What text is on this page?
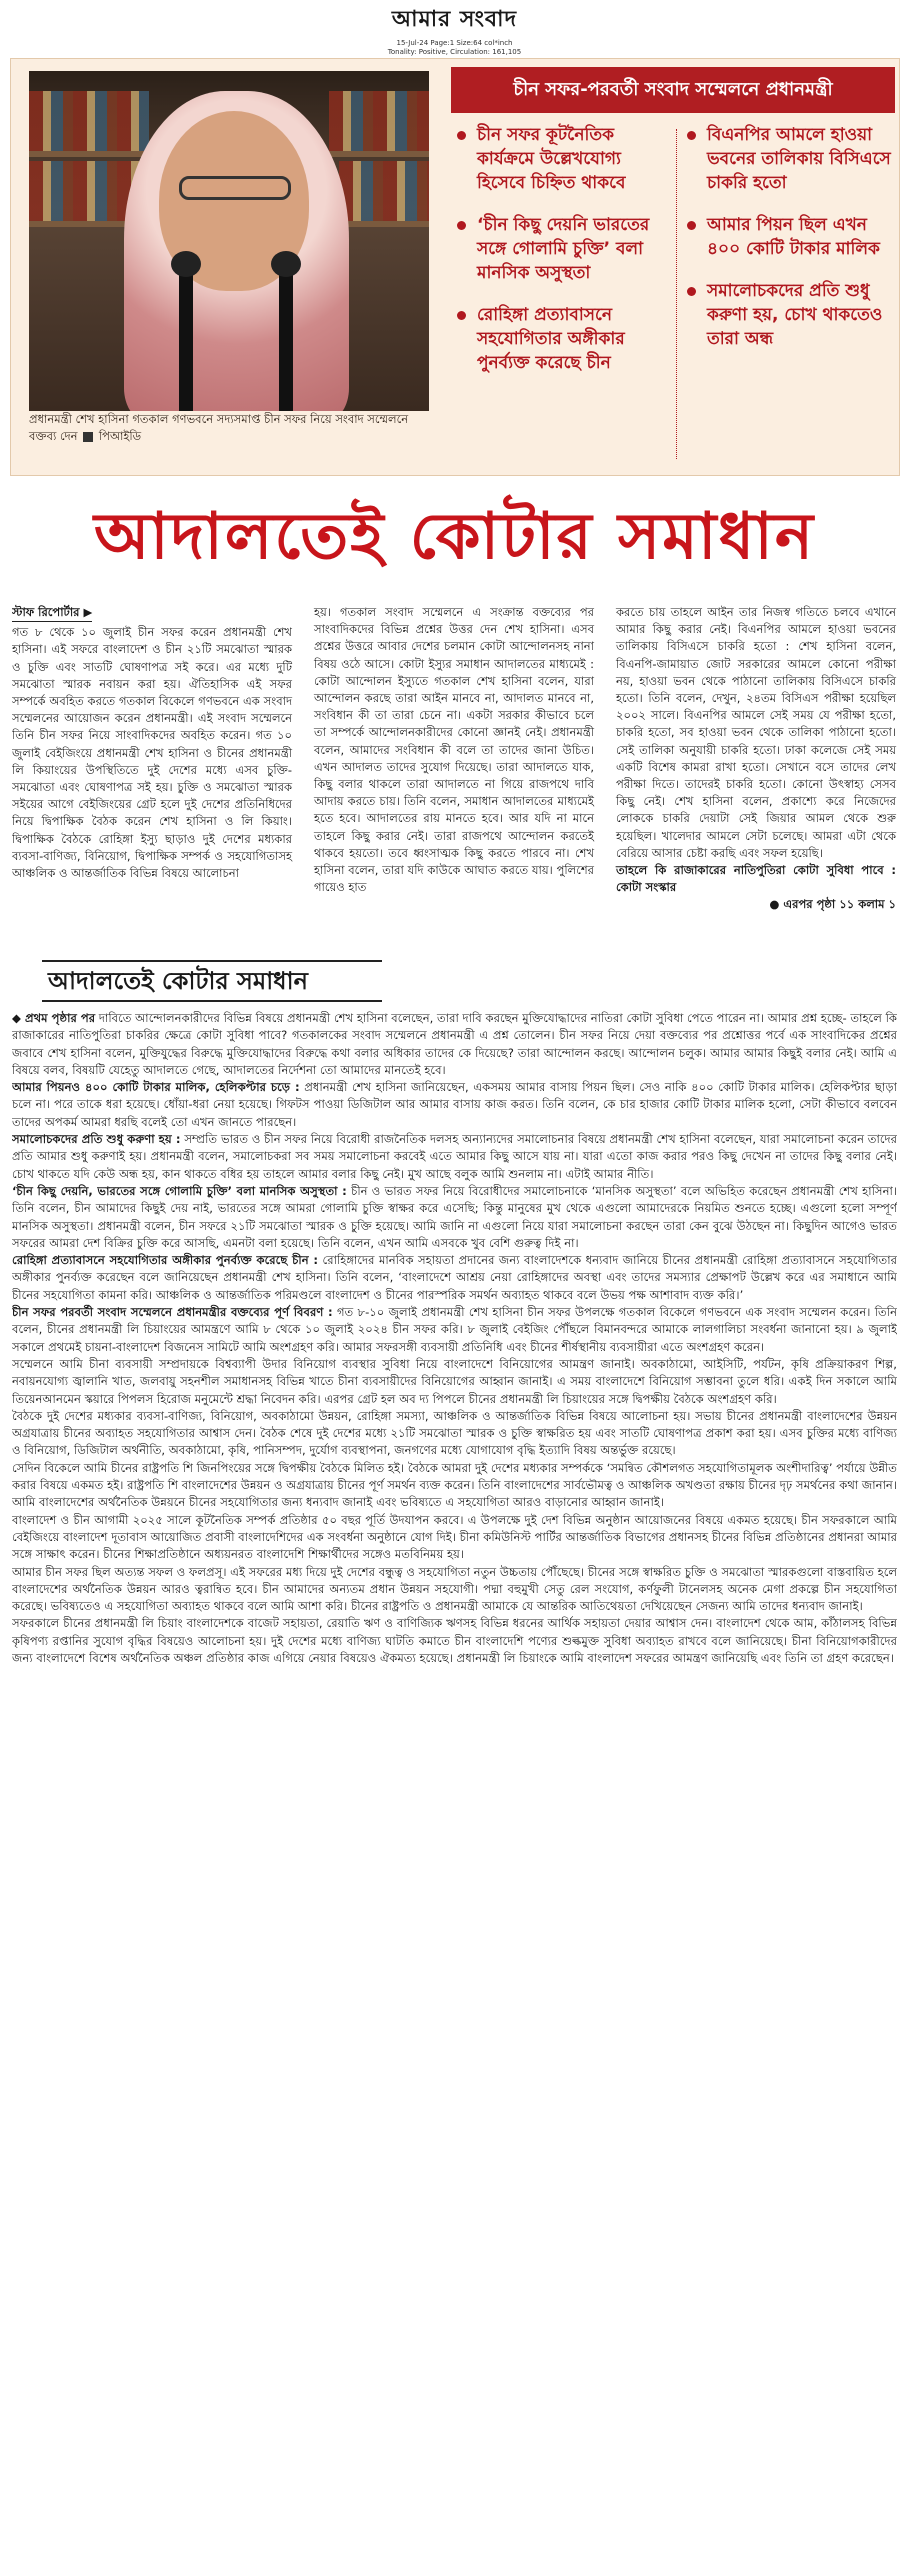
আমার সংবাদ
15-Jul-24 Page:1 Size:64 col*inch
Tonality: Positive, Circulation: 161,105
প্রধানমন্ত্রী শেখ হাসিনা গতকাল গণভবনে সদ্যসমাপ্ত চীন সফর নিয়ে সংবাদ সম্মেলনে বক্তব্য দেন পিআইডি
চীন সফর-পরবর্তী সংবাদ সম্মেলনে প্রধানমন্ত্রী
চীন সফর কূটনৈতিক কার্যক্রমে উল্লেখযোগ্য হিসেবে চিহ্নিত থাকবে
‘চীন কিছু দেয়নি ভারতের সঙ্গে গোলামি চুক্তি’ বলা মানসিক অসুস্থতা
রোহিঙ্গা প্রত্যাবাসনে সহযোগিতার অঙ্গীকার পুনর্ব্যক্ত করেছে চীন
বিএনপির আমলে হাওয়া ভবনের তালিকায় বিসিএসে চাকরি হতো
আমার পিয়ন ছিল এখন ৪০০ কোটি টাকার মালিক
সমালোচকদের প্রতি শুধু করুণা হয়, চোখ থাকতেও তারা অন্ধ
আদালতেই কোটার সমাধান
স্টাফ রিপোর্টার ▶
গত ৮ থেকে ১০ জুলাই চীন সফর করেন প্রধানমন্ত্রী শেখ হাসিনা। এই সফরে বাংলাদেশ ও চীন ২১টি সমঝোতা স্মারক ও চুক্তি এবং সাতটি ঘোষণাপত্র সই করে। এর মধ্যে দুটি সমঝোতা স্মারক নবায়ন করা হয়। ঐতিহাসিক এই সফর সম্পর্কে অবহিত করতে গতকাল বিকেলে গণভবনে এক সংবাদ সম্মেলনের আয়োজন করেন প্রধানমন্ত্রী। এই সংবাদ সম্মেলনে তিনি চীন সফর নিয়ে সাংবাদিকদের অবহিত করেন। গত ১০ জুলাই বেইজিংয়ে প্রধানমন্ত্রী শেখ হাসিনা ও চীনের প্রধানমন্ত্রী লি কিয়াংয়ের উপস্থিতিতে দুই দেশের মধ্যে এসব চুক্তি-সমঝোতা এবং ঘোষণাপত্র সই হয়। চুক্তি ও সমঝোতা স্মারক সইয়ের আগে বেইজিংয়ের গ্রেট হলে দুই দেশের প্রতিনিধিদের নিয়ে দ্বিপাক্ষিক বৈঠক করেন শেখ হাসিনা ও লি কিয়াং। দ্বিপাক্ষিক বৈঠকে রোহিঙ্গা ইস্যু ছাড়াও দুই দেশের মধ্যকার ব্যবসা-বাণিজ্য, বিনিয়োগ, দ্বিপাক্ষিক সম্পর্ক ও সহযোগিতাসহ আঞ্চলিক ও আন্তর্জাতিক বিভিন্ন বিষয়ে আলোচনা
হয়। গতকাল সংবাদ সম্মেলনে এ সংক্রান্ত বক্তব্যের পর সাংবাদিকদের বিভিন্ন প্রশ্নের উত্তর দেন শেখ হাসিনা। এসব প্রশ্নের উত্তরে আবার দেশের চলমান কোটা আন্দোলনসহ নানা বিষয় ওঠে আসে। কোটা ইস্যুর সমাধান আদালতের মাধ্যমেই : কোটা আন্দোলন ইস্যুতে গতকাল শেখ হাসিনা বলেন, যারা আন্দোলন করছে তারা আইন মানবে না, আদালত মানবে না, সংবিধান কী তা তারা চেনে না। একটা সরকার কীভাবে চলে তা সম্পর্কে আন্দোলনকারীদের কোনো জ্ঞানই নেই। প্রধানমন্ত্রী বলেন, আমাদের সংবিধান কী বলে তা তাদের জানা উচিত। এখন আদালত তাদের সুযোগ দিয়েছে। তারা আদালতে যাক, কিছু বলার থাকলে তারা আদালতে না গিয়ে রাজপথে দাবি আদায় করতে চায়। তিনি বলেন, সমাধান আদালতের মাধ্যমেই হতে হবে। আদালতের রায় মানতে হবে। আর যদি না মানে তাহলে কিছু করার নেই। তারা রাজপথে আন্দোলন করতেই থাকবে হয়তো। তবে ধ্বংসাত্মক কিছু করতে পারবে না। শেখ হাসিনা বলেন, তারা যদি কাউকে আঘাত করতে যায়। পুলিশের গায়েও হাত
করতে চায় তাহলে আইন তার নিজস্ব গতিতে চলবে এখানে আমার কিছু করার নেই। বিএনপির আমলে হাওয়া ভবনের তালিকায় বিসিএসে চাকরি হতো : শেখ হাসিনা বলেন, বিএনপি-জামায়াত জোট সরকারের আমলে কোনো পরীক্ষা নয়, হাওয়া ভবন থেকে পাঠানো তালিকায় বিসিএসে চাকরি হতো। তিনি বলেন, দেখুন, ২৪তম বিসিএস পরীক্ষা হয়েছিল ২০০২ সালে। বিএনপির আমলে সেই সময় যে পরীক্ষা হতো, চাকরি হতো, সব হাওয়া ভবন থেকে তালিকা পাঠানো হতো। সেই তালিকা অনুযায়ী চাকরি হতো। ঢাকা কলেজে সেই সময় একটি বিশেষ কামরা রাখা হতো। সেখানে বসে তাদের লেখ পরীক্ষা দিতে। তাদেরই চাকরি হতো। কোনো উৎস্বাহ্য সেসব কিছু নেই। শেখ হাসিনা বলেন, প্রকাশ্যে করে নিজেদের লোককে চাকরি দেয়াটা সেই জিয়ার আমল থেকে শুরু হয়েছিল। খালেদার আমলে সেটা চলেছে। আমরা এটা থেকে বেরিয়ে আসার চেষ্টা করছি এবং সফল হয়েছি।
তাহলে কি রাজাকারের নাতিপুতিরা কোটা সুবিধা পাবে : কোটা সংস্কার
● এরপর পৃষ্ঠা ১১ কলাম ১
আদালতেই কোটার সমাধান

◆ প্রথম পৃষ্ঠার পর দাবিতে আন্দোলনকারীদের বিভিন্ন বিষয়ে প্রধানমন্ত্রী শেখ হাসিনা বলেছেন, তারা দাবি করছেন মুক্তিযোদ্ধাদের নাতিরা কোটা সুবিধা পেতে পারেন না। আমার প্রশ্ন হচ্ছে- তাহলে কি রাজাকারের নাতিপুতিরা চাকরির ক্ষেত্রে কোটা সুবিধা পাবে? গতকালকের সংবাদ সম্মেলনে প্রধানমন্ত্রী এ প্রশ্ন তোলেন। চীন সফর নিয়ে দেয়া বক্তব্যের পর প্রশ্নোত্তর পর্বে এক সাংবাদিকের প্রশ্নের জবাবে শেখ হাসিনা বলেন, মুক্তিযুদ্ধের বিরুদ্ধে মুক্তিযোদ্ধাদের বিরুদ্ধে কথা বলার অধিকার তাদের কে দিয়েছে? তারা আন্দোলন করছে। আন্দোলন চলুক। আমার আমার কিছুই বলার নেই। আমি এ বিষয়ে বলব, বিষয়টি যেহেতু আদালতে গেছে, আদালতের নির্দেশনা তো আমাদের মানতেই হবে।

আমার পিয়নও ৪০০ কোটি টাকার মালিক, হেলিকপ্টার চড়ে : প্রধানমন্ত্রী শেখ হাসিনা জানিয়েছেন, একসময় আমার বাসায় পিয়ন ছিল। সেও নাকি ৪০০ কোটি টাকার মালিক। হেলিকপ্টার ছাড়া চলে না। পরে তাকে ধরা হয়েছে। ধোঁয়া-ধরা নেয়া হয়েছে। গিফটস পাওয়া ডিজিটাল আর আমার বাসায় কাজ করত। তিনি বলেন, কে চার হাজার কোটি টাকার মালিক হলো, সেটা কীভাবে বলবেন তাদের অপকর্ম আমরা ধরছি বলেই তো এখন জানতে পারছেন।

সমালোচকদের প্রতি শুধু করুণা হয় : সম্প্রতি ভারত ও চীন সফর নিয়ে বিরোধী রাজনৈতিক দলসহ অন্যান্যদের সমালোচনার বিষয়ে প্রধানমন্ত্রী শেখ হাসিনা বলেছেন, যারা সমালোচনা করেন তাদের প্রতি আমার শুধু করুণাই হয়। প্রধানমন্ত্রী বলেন, সমালোচকরা সব সময় সমালোচনা করবেই এতে আমার কিছু আসে যায় না। যারা এতো কাজ করার পরও কিছু দেখেন না তাদের কিছু বলার নেই। চোখ থাকতে যদি কেউ অন্ধ হয়, কান থাকতে বধির হয় তাহলে আমার বলার কিছু নেই। মুখ আছে বলুক আমি শুনলাম না। এটাই আমার নীতি।

‘চীন কিছু দেয়নি, ভারতের সঙ্গে গোলামি চুক্তি’ বলা মানসিক অসুস্থতা : চীন ও ভারত সফর নিয়ে বিরোধীদের সমালোচনাকে ‘মানসিক অসুস্থতা’ বলে অভিহিত করেছেন প্রধানমন্ত্রী শেখ হাসিনা। তিনি বলেন, চীন আমাদের কিছুই দেয় নাই, ভারতের সঙ্গে আমরা গোলামি চুক্তি স্বাক্ষর করে এসেছি; কিন্তু মানুষের মুখ থেকে এগুলো আমাদেরকে নিয়মিত শুনতে হচ্ছে। এগুলো হলো সম্পূর্ণ মানসিক অসুস্থতা। প্রধানমন্ত্রী বলেন, চীন সফরে ২১টি সমঝোতা স্মারক ও চুক্তি হয়েছে। আমি জানি না এগুলো নিয়ে যারা সমালোচনা করছেন তারা কেন বুঝে উঠছেন না। কিছুদিন আগেও ভারত সফরের আমরা দেশ বিক্রির চুক্তি করে আসছি, এমনটা বলা হয়েছে। তিনি বলেন, এখন আমি এসবকে খুব বেশি গুরুত্ব দিই না।

রোহিঙ্গা প্রত্যাবাসনে সহযোগিতার অঙ্গীকার পুনর্ব্যক্ত করেছে চীন : রোহিঙ্গাদের মানবিক সহায়তা প্রদানের জন্য বাংলাদেশকে ধন্যবাদ জানিয়ে চীনের প্রধানমন্ত্রী রোহিঙ্গা প্রত্যাবাসনে সহযোগিতার অঙ্গীকার পুনর্ব্যক্ত করেছেন বলে জানিয়েছেন প্রধানমন্ত্রী শেখ হাসিনা। তিনি বলেন, ‘বাংলাদেশে আশ্রয় নেয়া রোহিঙ্গাদের অবস্থা এবং তাদের সমস্যার প্রেক্ষাপট উল্লেখ করে এর সমাধানে আমি চীনের সহযোগিতা কামনা করি। আঞ্চলিক ও আন্তর্জাতিক পরিমণ্ডলে বাংলাদেশ ও চীনের পারস্পরিক সমর্থন অব্যাহত থাকবে বলে উভয় পক্ষ আশাবাদ ব্যক্ত করি।’

চীন সফর পরবর্তী সংবাদ সম্মেলনে প্রধানমন্ত্রীর বক্তব্যের পূর্ণ বিবরণ : গত ৮-১০ জুলাই প্রধানমন্ত্রী শেখ হাসিনা চীন সফর উপলক্ষে গতকাল বিকেলে গণভবনে এক সংবাদ সম্মেলন করেন। তিনি বলেন, চীনের প্রধানমন্ত্রী লি চিয়াংয়ের আমন্ত্রণে আমি ৮ থেকে ১০ জুলাই ২০২৪ চীন সফর করি। ৮ জুলাই বেইজিং পৌঁছলে বিমানবন্দরে আমাকে লালগালিচা সংবর্ধনা জানানো হয়। ৯ জুলাই সকালে প্রথমেই চায়না-বাংলাদেশ বিজনেস সামিটে আমি অংশগ্রহণ করি। আমার সফরসঙ্গী ব্যবসায়ী প্রতিনিধি এবং চীনের শীর্ষস্থানীয় ব্যবসায়ীরা এতে অংশগ্রহণ করেন।

সম্মেলনে আমি চীনা ব্যবসায়ী সম্প্রদায়কে বিশ্বব্যাপী উদার বিনিয়োগ ব্যবস্থার সুবিধা নিয়ে বাংলাদেশে বিনিয়োগের আমন্ত্রণ জানাই। অবকাঠামো, আইসিটি, পর্যটন, কৃষি প্রক্রিয়াকরণ শিল্প, নবায়নযোগ্য জ্বালানি খাত, জলবায়ু সহনশীল সমাধানসহ বিভিন্ন খাতে চীনা ব্যবসায়ীদের বিনিয়োগের আহ্বান জানাই। এ সময় বাংলাদেশে বিনিয়োগ সম্ভাবনা তুলে ধরি। একই দিন সকালে আমি তিয়েনআনমেন স্কয়ারে পিপলস হিরোজ মনুমেন্টে শ্রদ্ধা নিবেদন করি। এরপর গ্রেট হল অব দ্য পিপলে চীনের প্রধানমন্ত্রী লি চিয়াংয়ের সঙ্গে দ্বিপক্ষীয় বৈঠকে অংশগ্রহণ করি।

বৈঠকে দুই দেশের মধ্যকার ব্যবসা-বাণিজ্য, বিনিয়োগ, অবকাঠামো উন্নয়ন, রোহিঙ্গা সমস্যা, আঞ্চলিক ও আন্তর্জাতিক বিভিন্ন বিষয়ে আলোচনা হয়। সভায় চীনের প্রধানমন্ত্রী বাংলাদেশের উন্নয়ন অগ্রযাত্রায় চীনের অব্যাহত সহযোগিতার আশ্বাস দেন। বৈঠক শেষে দুই দেশের মধ্যে ২১টি সমঝোতা স্মারক ও চুক্তি স্বাক্ষরিত হয় এবং সাতটি ঘোষণাপত্র প্রকাশ করা হয়। এসব চুক্তির মধ্যে বাণিজ্য ও বিনিয়োগ, ডিজিটাল অর্থনীতি, অবকাঠামো, কৃষি, পানিসম্পদ, দুর্যোগ ব্যবস্থাপনা, জনগণের মধ্যে যোগাযোগ বৃদ্ধি ইত্যাদি বিষয় অন্তর্ভুক্ত রয়েছে।

সেদিন বিকেলে আমি চীনের রাষ্ট্রপতি শি জিনপিংয়ের সঙ্গে দ্বিপক্ষীয় বৈঠকে মিলিত হই। বৈঠকে আমরা দুই দেশের মধ্যকার সম্পর্ককে ‘সমন্বিত কৌশলগত সহযোগিতামূলক অংশীদারিত্ব’ পর্যায়ে উন্নীত করার বিষয়ে একমত হই। রাষ্ট্রপতি শি বাংলাদেশের উন্নয়ন ও অগ্রযাত্রায় চীনের পূর্ণ সমর্থন ব্যক্ত করেন। তিনি বাংলাদেশের সার্বভৌমত্ব ও আঞ্চলিক অখণ্ডতা রক্ষায় চীনের দৃঢ় সমর্থনের কথা জানান। আমি বাংলাদেশের অর্থনৈতিক উন্নয়নে চীনের সহযোগিতার জন্য ধন্যবাদ জানাই এবং ভবিষ্যতে এ সহযোগিতা আরও বাড়ানোর আহ্বান জানাই।

বাংলাদেশ ও চীন আগামী ২০২৫ সালে কূটনৈতিক সম্পর্ক প্রতিষ্ঠার ৫০ বছর পূর্তি উদযাপন করবে। এ উপলক্ষে দুই দেশ বিভিন্ন অনুষ্ঠান আয়োজনের বিষয়ে একমত হয়েছে। চীন সফরকালে আমি বেইজিংয়ে বাংলাদেশ দূতাবাস আয়োজিত প্রবাসী বাংলাদেশিদের এক সংবর্ধনা অনুষ্ঠানে যোগ দিই। চীনা কমিউনিস্ট পার্টির আন্তর্জাতিক বিভাগের প্রধানসহ চীনের বিভিন্ন প্রতিষ্ঠানের প্রধানরা আমার সঙ্গে সাক্ষাৎ করেন। চীনের শিক্ষাপ্রতিষ্ঠানে অধ্যয়নরত বাংলাদেশি শিক্ষার্থীদের সঙ্গেও মতবিনিময় হয়।

আমার চীন সফর ছিল অত্যন্ত সফল ও ফলপ্রসূ। এই সফরের মধ্য দিয়ে দুই দেশের বন্ধুত্ব ও সহযোগিতা নতুন উচ্চতায় পৌঁছেছে। চীনের সঙ্গে স্বাক্ষরিত চুক্তি ও সমঝোতা স্মারকগুলো বাস্তবায়িত হলে বাংলাদেশের অর্থনৈতিক উন্নয়ন আরও ত্বরান্বিত হবে। চীন আমাদের অন্যতম প্রধান উন্নয়ন সহযোগী। পদ্মা বহুমুখী সেতু রেল সংযোগ, কর্ণফুলী টানেলসহ অনেক মেগা প্রকল্পে চীন সহযোগিতা করেছে। ভবিষ্যতেও এ সহযোগিতা অব্যাহত থাকবে বলে আমি আশা করি। চীনের রাষ্ট্রপতি ও প্রধানমন্ত্রী আমাকে যে আন্তরিক আতিথেয়তা দেখিয়েছেন সেজন্য আমি তাদের ধন্যবাদ জানাই।

সফরকালে চীনের প্রধানমন্ত্রী লি চিয়াং বাংলাদেশকে বাজেট সহায়তা, রেয়াতি ঋণ ও বাণিজ্যিক ঋণসহ বিভিন্ন ধরনের আর্থিক সহায়তা দেয়ার আশ্বাস দেন। বাংলাদেশ থেকে আম, কাঁঠালসহ বিভিন্ন কৃষিপণ্য রপ্তানির সুযোগ বৃদ্ধির বিষয়েও আলোচনা হয়। দুই দেশের মধ্যে বাণিজ্য ঘাটতি কমাতে চীন বাংলাদেশি পণ্যের শুল্কমুক্ত সুবিধা অব্যাহত রাখবে বলে জানিয়েছে। চীনা বিনিয়োগকারীদের জন্য বাংলাদেশে বিশেষ অর্থনৈতিক অঞ্চল প্রতিষ্ঠার কাজ এগিয়ে নেয়ার বিষয়েও ঐকমত্য হয়েছে। প্রধানমন্ত্রী লি চিয়াংকে আমি বাংলাদেশ সফরের আমন্ত্রণ জানিয়েছি এবং তিনি তা গ্রহণ করেছেন।
